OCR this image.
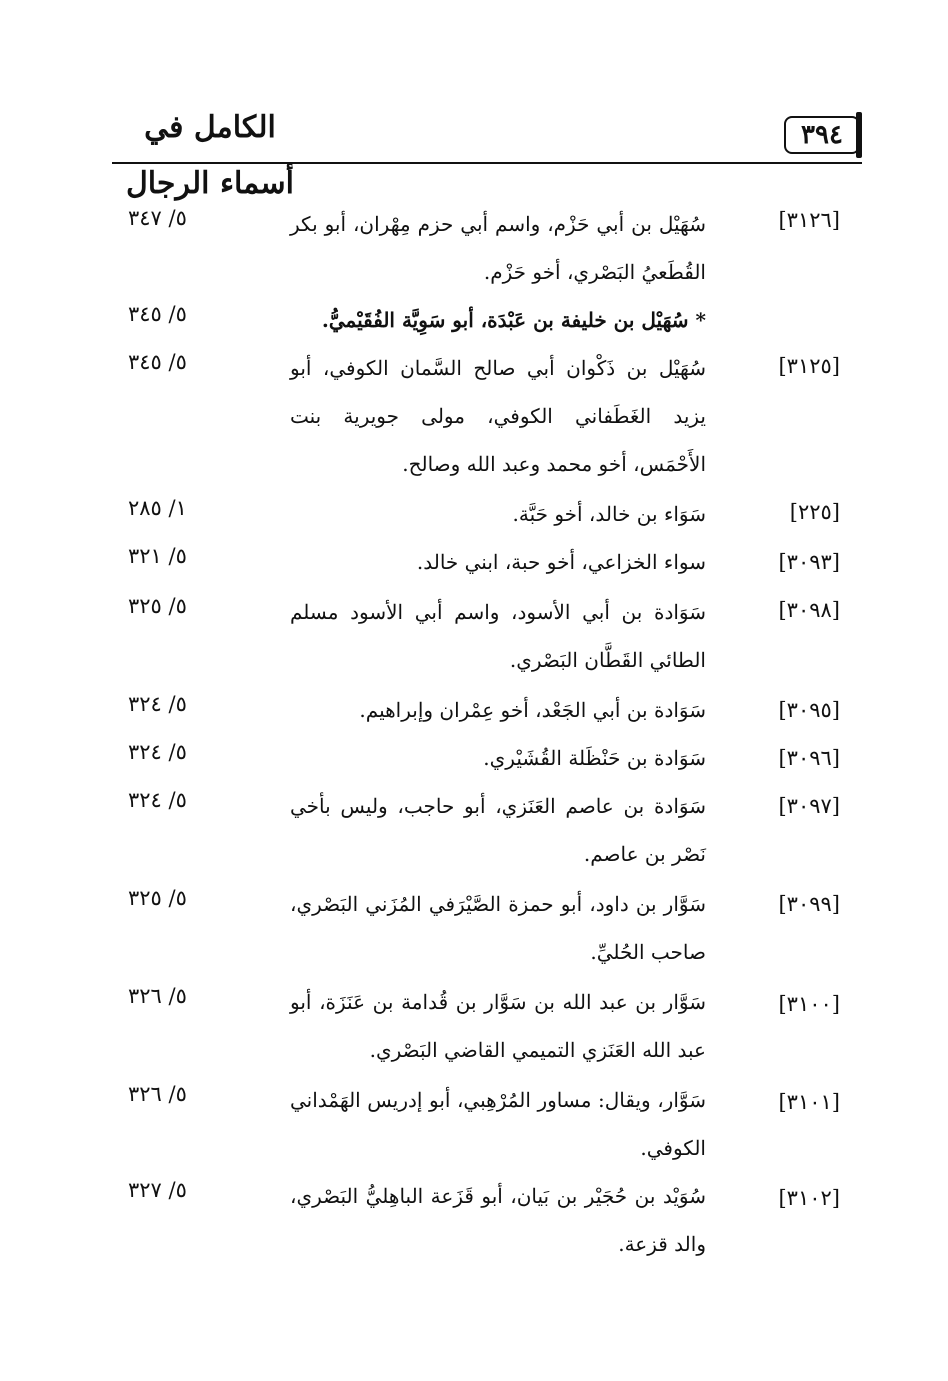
الكامل في أسماء الرجال
٣٩٤
[٣١٢٦]
سُهَيْل بن أبي حَزْم، واسم أبي حزم مِهْران، أبو بكر القُطَعيُ البَصْري، أخو حَزْم.
٥/ ٣٤٧
* سُهَيْل بن خليفة بن عَبْدَة، أبو سَوِيَّة الفُقَيْميُّ.
٥/ ٣٤٥
[٣١٢٥]
سُهَيْل بن ذَكْوان أبي صالح السَّمان الكوفي، أبو يزيد الغَطَفاني الكوفي، مولى جويرية بنت الأَحْمَس، أخو محمد وعبد الله وصالح.
٥/ ٣٤٥
[٢٢٥]
سَوَاء بن خالد، أخو حَبَّة.
١/ ٢٨٥
[٣٠٩٣]
سواء الخزاعي، أخو حبة، ابني خالد.
٥/ ٣٢١
[٣٠٩٨]
سَوَادة بن أبي الأسود، واسم أبي الأسود مسلم الطائي القَطَّان البَصْري.
٥/ ٣٢٥
[٣٠٩٥]
سَوَادة بن أبي الجَعْد، أخو عِمْران وإبراهيم.
٥/ ٣٢٤
[٣٠٩٦]
سَوَادة بن حَنْظَلة القُشَيْري.
٥/ ٣٢٤
[٣٠٩٧]
سَوَادة بن عاصم العَنَزي، أبو حاجب، وليس بأخي نَصْر بن عاصم.
٥/ ٣٢٤
[٣٠٩٩]
سَوَّار بن داود، أبو حمزة الصَّيْرَفي المُزَني البَصْري، صاحب الحُليِّ.
٥/ ٣٢٥
[٣١٠٠]
سَوَّار بن عبد الله بن سَوَّار بن قُدامة بن عَنَزَة، أبو عبد الله العَنَزي التميمي القاضي البَصْري.
٥/ ٣٢٦
[٣١٠١]
سَوَّار، ويقال: مساور المُرْهِبي، أبو إدريس الهَمْداني الكوفي.
٥/ ٣٢٦
[٣١٠٢]
سُوَيْد بن حُجَيْر بن بَيان، أبو قَزَعة الباهِليُّ البَصْري، والد قزعة.
٥/ ٣٢٧
